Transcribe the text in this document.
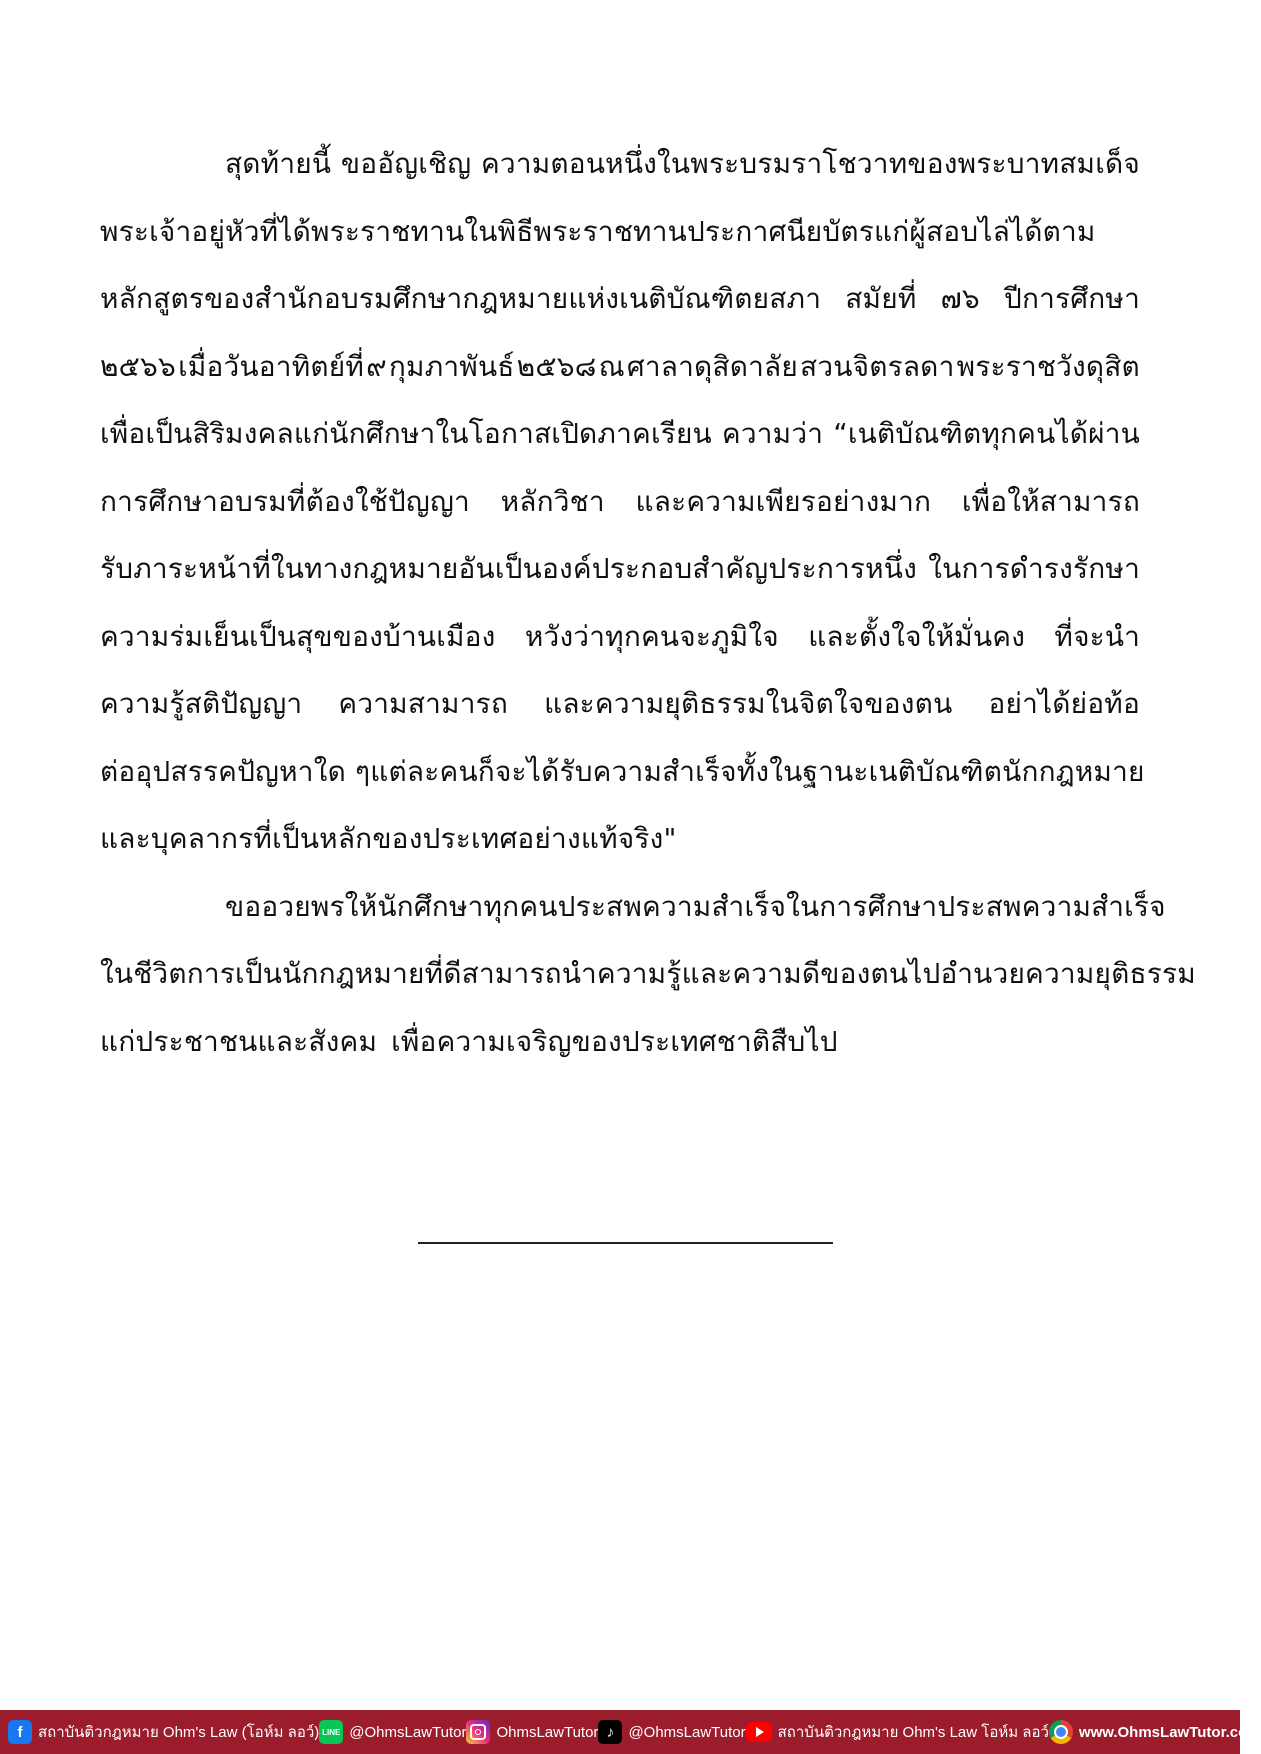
สุดท้ายนี้ ขออัญเชิญ ความตอนหนึ่งในพระบรมราโชวาทของพระบาทสมเด็จ
พระเจ้าอยู่หัวที่ได้พระราชทานในพิธีพระราชทานประกาศนียบัตรแก่ผู้สอบไล่ได้ตาม
หลักสูตรของสำนักอบรมศึกษากฎหมายแห่งเนติบัณฑิตยสภา สมัยที่ ๗๖ ปีการศึกษา
๒๕๖๖ เมื่อวันอาทิตย์ที่ ๙ กุมภาพันธ์ ๒๕๖๘ ณ ศาลาดุสิดาลัย สวนจิตรลดา พระราชวังดุสิต
เพื่อเป็นสิริมงคลแก่นักศึกษาในโอกาสเปิดภาคเรียน ความว่า “เนติบัณฑิตทุกคนได้ผ่าน
การศึกษาอบรมที่ต้องใช้ปัญญา หลักวิชา และความเพียรอย่างมาก เพื่อให้สามารถ
รับภาระหน้าที่ในทางกฎหมายอันเป็นองค์ประกอบสำคัญประการหนึ่ง ในการดำรงรักษา
ความร่มเย็นเป็นสุขของบ้านเมือง หวังว่าทุกคนจะภูมิใจ และตั้งใจให้มั่นคง ที่จะนำ
ความรู้สติปัญญา ความสามารถ และความยุติธรรมในจิตใจของตน อย่าได้ย่อท้อ
ต่ออุปสรรคปัญหาใด ๆ แต่ละคนก็จะได้รับความสำเร็จ ทั้งในฐานะเนติบัณฑิต นักกฎหมาย
และบุคลากรที่เป็นหลักของประเทศอย่างแท้จริง"
ขออวยพรให้นักศึกษาทุกคน ประสพความสำเร็จในการศึกษา ประสพความสำเร็จ
ในชีวิตการเป็นนักกฎหมายที่ดี สามารถนำความรู้และความดีของตนไปอำนวยความยุติธรรม
แก่ประชาชนและสังคม เพื่อความเจริญของประเทศชาติสืบไป
f	สถาบันติวกฎหมาย Ohm's Law (โอห์ม ลอว์) LINE @OhmsLawTutor OhmsLawTutor ♪ @OhmsLawTutor สถาบันติวกฎหมาย Ohm's Law โอห์ม ลอว์ www.OhmsLawTutor.com
